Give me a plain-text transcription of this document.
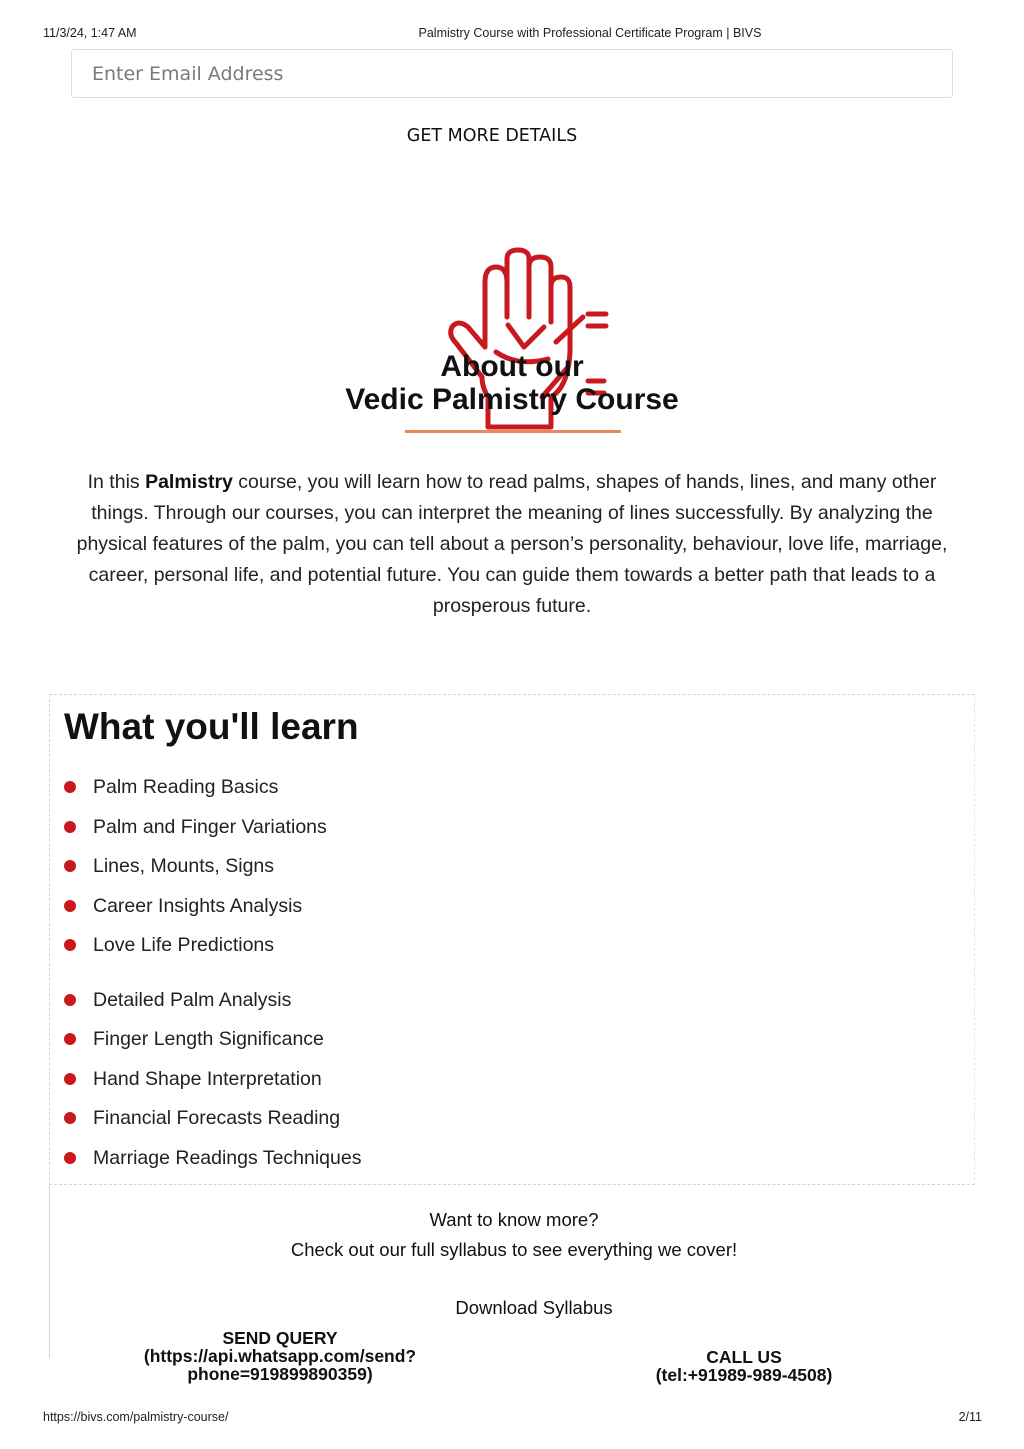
11/3/24, 1:47 AM	Palmistry Course with Professional Certificate Program | BIVS
Enter Email Address
GET MORE DETAILS
About our
Vedic Palmistry Course

In this Palmistry course, you will learn how to read palms, shapes of hands, lines, and many other things. Through our courses, you can interpret the meaning of lines successfully. By analyzing the physical features of the palm, you can tell about a person’s personality, behaviour, love life, marriage, career, personal life, and potential future. You can guide them towards a better path that leads to a prosperous future.

What you'll learn
Palm Reading Basics
Palm and Finger Variations
Lines, Mounts, Signs
Career Insights Analysis
Love Life Predictions
Detailed Palm Analysis
Finger Length Significance
Hand Shape Interpretation
Financial Forecasts Reading
Marriage Readings Techniques

Want to know more?

Check out our full syllabus to see everything we cover!

Download Syllabus
SEND QUERY
(https://api.whatsapp.com/send?
phone=919899890359)
CALL US
(tel:+91989-989-4508)
https://bivs.com/palmistry-course/	2/11
